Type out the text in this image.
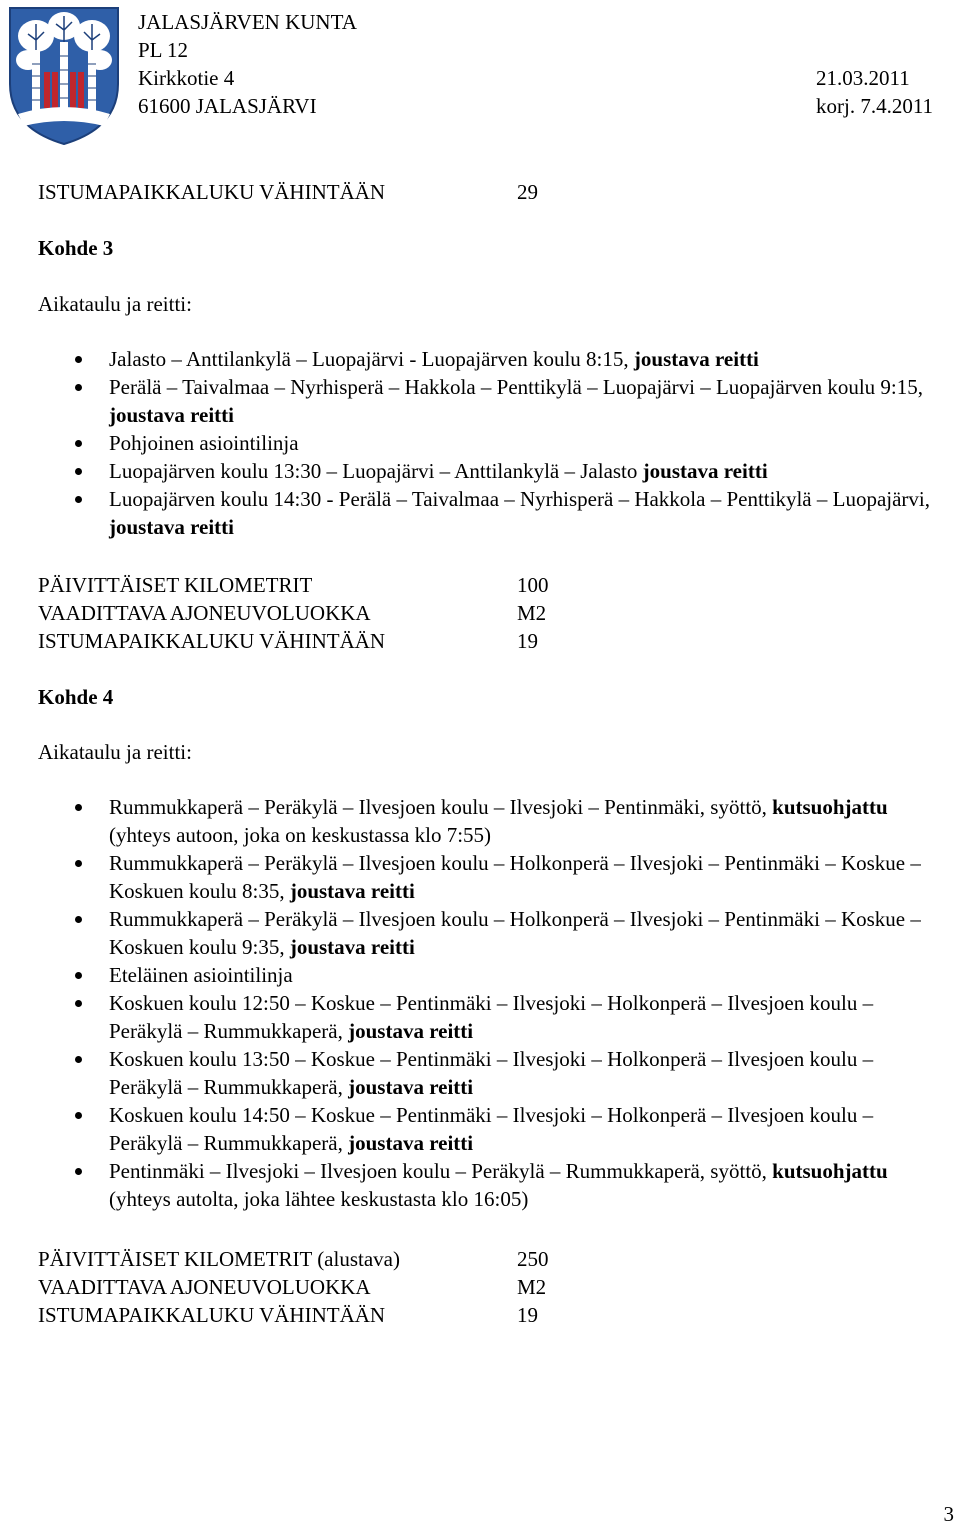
JALASJÄRVEN KUNTA
PL 12
Kirkkotie 4
61600 JALASJÄRVI
21.03.2011
korj. 7.4.2011
ISTUMAPAIKKALUKU VÄHINTÄÄN	29
Kohde 3
Aikataulu ja reitti:
Jalasto – Anttilankylä – Luopajärvi - Luopajärven koulu 8:15, joustava reitti
Perälä – Taivalmaa – Nyrhisperä – Hakkola – Penttikylä – Luopajärvi – Luopajärven koulu 9:15, joustava reitti
Pohjoinen asiointilinja
Luopajärven koulu 13:30 – Luopajärvi – Anttilankylä – Jalasto joustava reitti
Luopajärven koulu 14:30 - Perälä – Taivalmaa – Nyrhisperä – Hakkola – Penttikylä – Luopajärvi, joustava reitti
PÄIVITTÄISET KILOMETRIT	100
VAADITTAVA AJONEUVOLUOKKA	M2
ISTUMAPAIKKALUKU VÄHINTÄÄN	19
Kohde 4
Aikataulu ja reitti:
Rummukkaperä – Peräkylä – Ilvesjoen koulu – Ilvesjoki – Pentinmäki, syöttö, kutsuohjattu (yhteys autoon, joka on keskustassa klo 7:55)
Rummukkaperä – Peräkylä – Ilvesjoen koulu – Holkonperä – Ilvesjoki – Pentinmäki – Koskue – Koskuen koulu 8:35, joustava reitti
Rummukkaperä – Peräkylä – Ilvesjoen koulu – Holkonperä – Ilvesjoki – Pentinmäki – Koskue – Koskuen koulu 9:35, joustava reitti
Eteläinen asiointilinja
Koskuen koulu 12:50 – Koskue – Pentinmäki – Ilvesjoki – Holkonperä – Ilvesjoen koulu – Peräkylä – Rummukkaperä, joustava reitti
Koskuen koulu 13:50 – Koskue – Pentinmäki – Ilvesjoki – Holkonperä – Ilvesjoen koulu – Peräkylä – Rummukkaperä, joustava reitti
Koskuen koulu 14:50 – Koskue – Pentinmäki – Ilvesjoki – Holkonperä – Ilvesjoen koulu – Peräkylä – Rummukkaperä, joustava reitti
Pentinmäki – Ilvesjoki – Ilvesjoen koulu – Peräkylä – Rummukkaperä, syöttö, kutsuohjattu (yhteys autolta, joka lähtee keskustasta klo 16:05)
PÄIVITTÄISET KILOMETRIT (alustava)	250
VAADITTAVA AJONEUVOLUOKKA	M2
ISTUMAPAIKKALUKU VÄHINTÄÄN	19
3
